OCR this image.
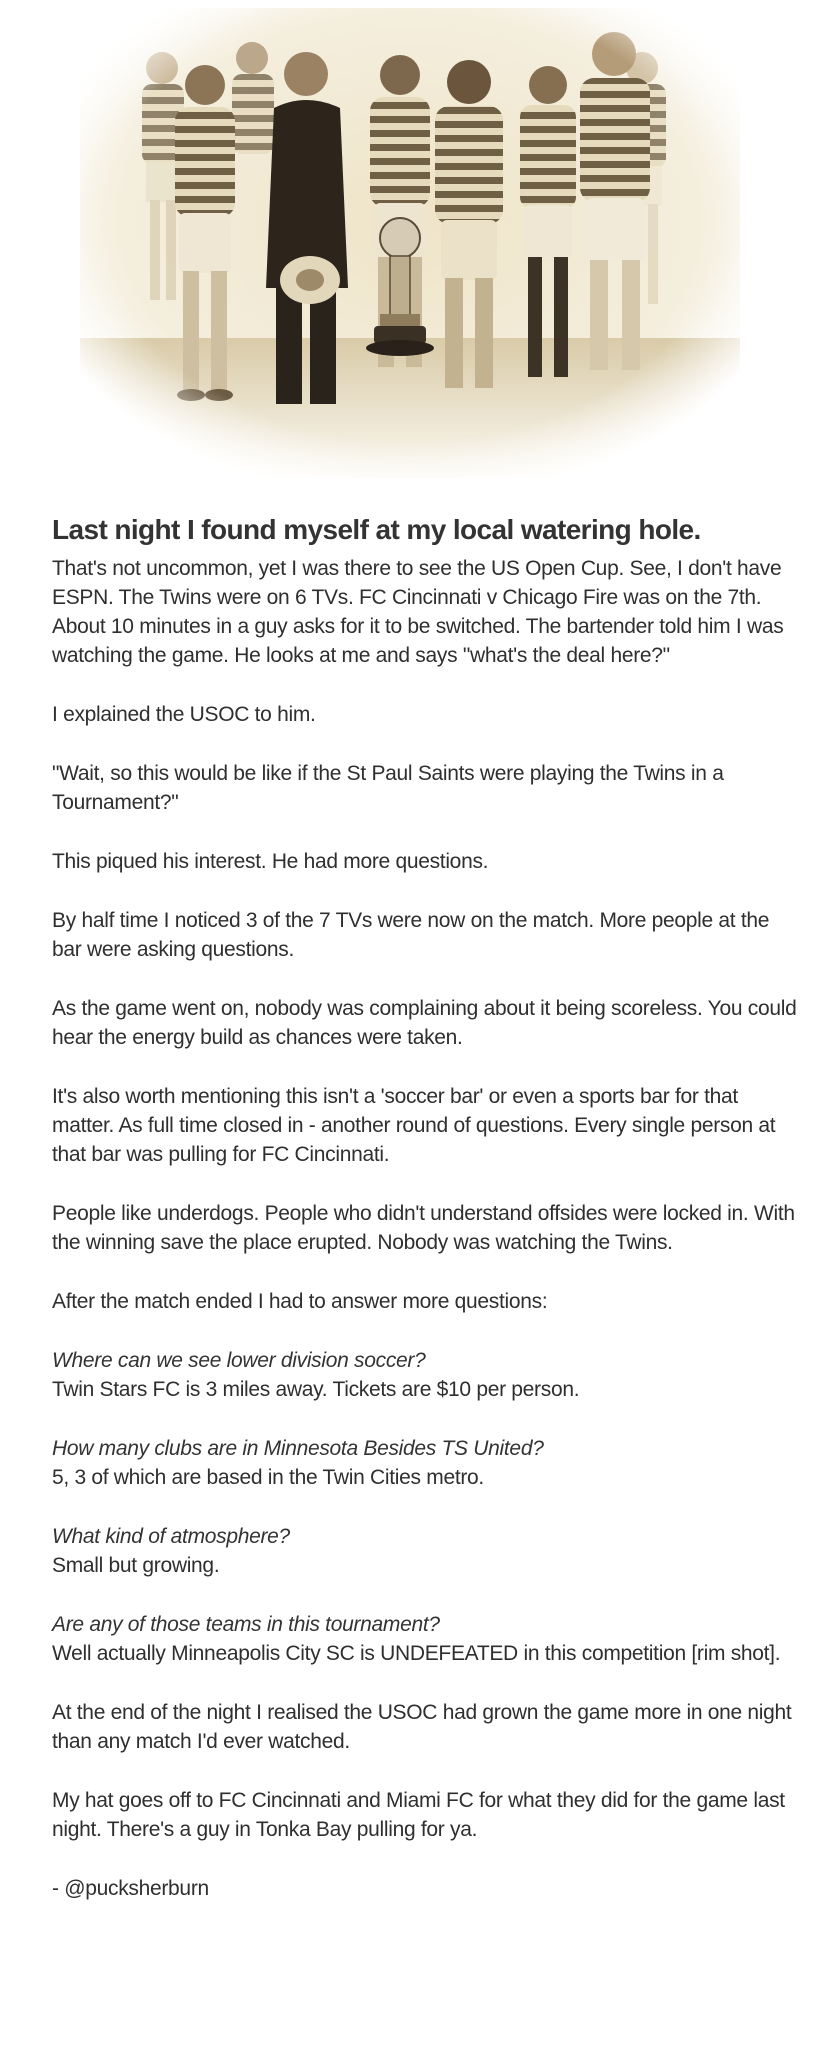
Last night I found myself at my local watering hole.

That's not uncommon, yet I was there to see the US Open Cup. See, I don't have ESPN. The Twins were on 6 TVs. FC Cincinnati v Chicago Fire was on the 7th. About 10 minutes in a guy asks for it to be switched. The bartender told him I was watching the game. He looks at me and says "what's the deal here?"

I explained the USOC to him.

"Wait, so this would be like if the St Paul Saints were playing the Twins in a Tournament?"

This piqued his interest. He had more questions.

By half time I noticed 3 of the 7 TVs were now on the match. More people at the bar were asking questions.

As the game went on, nobody was complaining about it being scoreless. You could hear the energy build as chances were taken.

It's also worth mentioning this isn't a 'soccer bar' or even a sports bar for that matter. As full time closed in - another round of questions. Every single person at that bar was pulling for FC Cincinnati.

People like underdogs. People who didn't understand offsides were locked in. With the winning save the place erupted. Nobody was watching the Twins.

After the match ended I had to answer more questions:

Where can we see lower division soccer?
Twin Stars FC is 3 miles away. Tickets are $10 per person.
How many clubs are in Minnesota Besides TS United?
5, 3 of which are based in the Twin Cities metro.
What kind of atmosphere?
Small but growing.
Are any of those teams in this tournament?
Well actually Minneapolis City SC is UNDEFEATED in this competition [rim shot].

At the end of the night I realised the USOC had grown the game more in one night than any match I'd ever watched.

My hat goes off to FC Cincinnati and Miami FC for what they did for the game last night. There's a guy in Tonka Bay pulling for ya.

- @pucksherburn
